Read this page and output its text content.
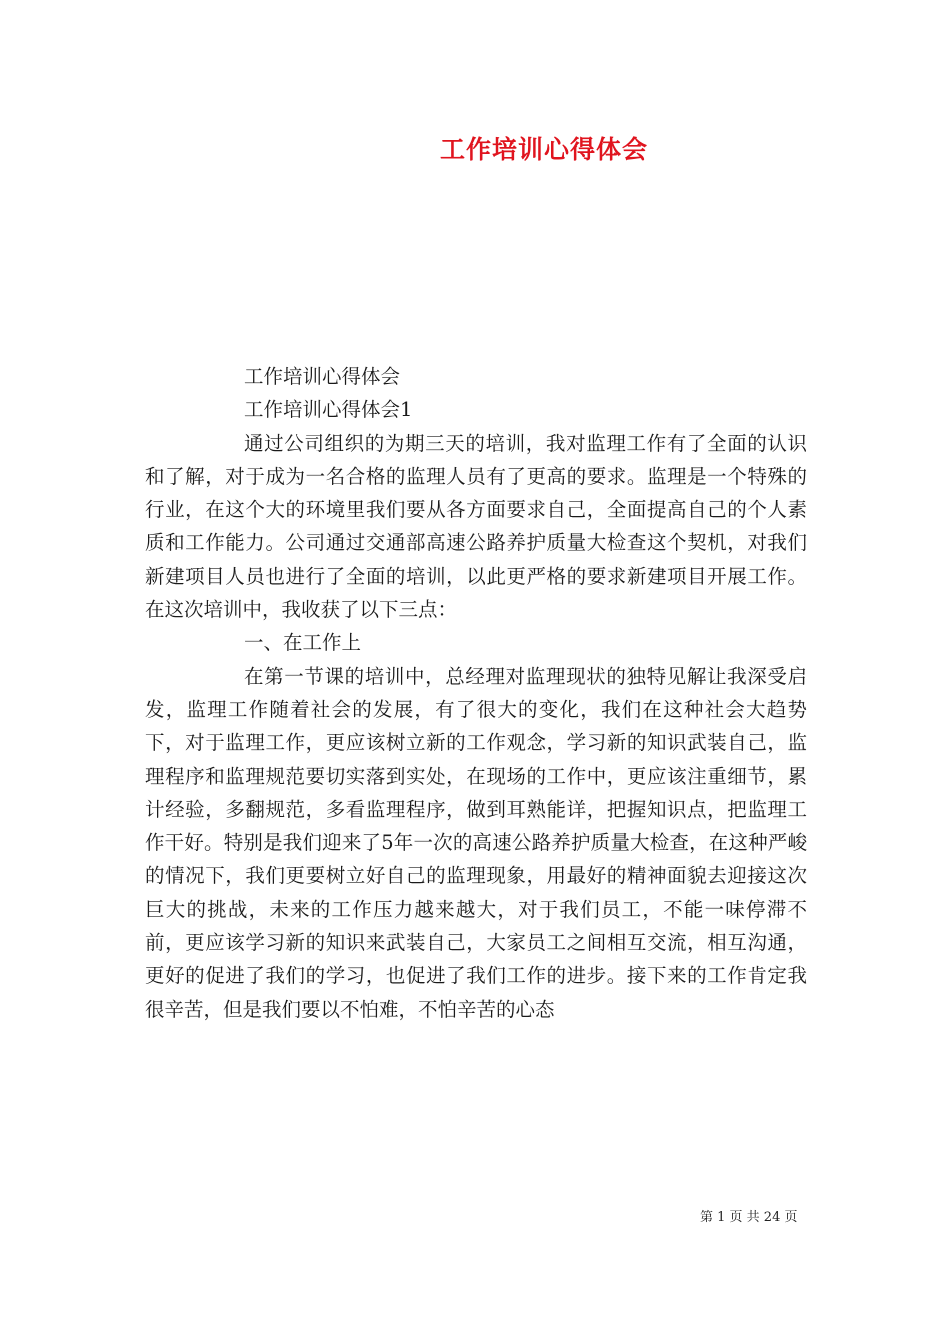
工作培训心得体会
工作培训心得体会
工作培训心得体会1

通过公司组织的为期三天的培训，我对监理工作有了全面的认识和了解，对于成为一名合格的监理人员有了更高的要求。监理是一个特殊的行业，在这个大的环境里我们要从各方面要求自己，全面提高自己的个人素质和工作能力。公司通过交通部高速公路养护质量大检查这个契机，对我们新建项目人员也进行了全面的培训，以此更严格的要求新建项目开展工作。在这次培训中，我收获了以下三点：

一、在工作上

在第一节课的培训中，总经理对监理现状的独特见解让我深受启发，监理工作随着社会的发展，有了很大的变化，我们在这种社会大趋势下，对于监理工作，更应该树立新的工作观念，学习新的知识武装自己，监理程序和监理规范要切实落到实处，在现场的工作中，更应该注重细节，累计经验，多翻规范，多看监理程序，做到耳熟能详，把握知识点，把监理工作干好。特别是我们迎来了5年一次的高速公路养护质量大检查，在这种严峻的情况下，我们更要树立好自己的监理现象，用最好的精神面貌去迎接这次巨大的挑战，未来的工作压力越来越大，对于我们员工，不能一味停滞不前，更应该学习新的知识来武装自己，大家员工之间相互交流，相互沟通，更好的促进了我们的学习，也促进了我们工作的进步。接下来的工作肯定我很辛苦，但是我们要以不怕难，不怕辛苦的心态

第 1 页 共 24 页
